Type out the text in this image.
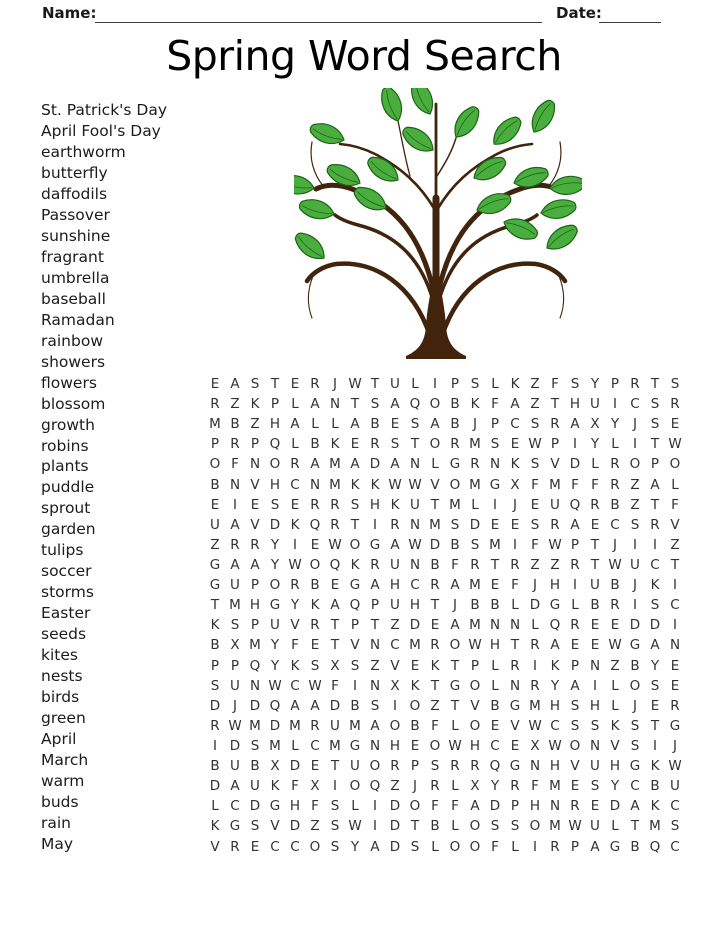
Name:	Date:
Spring Word Search
St. Patrick's Day
April Fool's Day
earthworm
butterfly
daffodils
Passover
sunshine
fragrant
umbrella
baseball
Ramadan
rainbow
showers
flowers
blossom
growth
robins
plants
puddle
sprout
garden
tulips
soccer
storms
Easter
seeds
kites
nests
birds
green
April
March
warm
buds
rain
May
E A S T E R J W T U L	I	P S L K Z F S Y P R T S
R Z K P L A N T S A Q O B K F A Z T H U I C S R
M B Z H A L L A B E S A B J	P C S R A X Y	J	S E
P R P Q L B K E R S T O R M S E W P	I	Y L	I	T W
O F N O R A M A D A N L G R N K S V D L R O P O
B N V H C N M K K W W V O M G X F M F F R Z A L
E	I	E S E R R S H K U T M L	I	J	E U Q R B Z T F
U A V D K Q R T	I R N M S D E E S R A E C S R V
Z R R Y	I	E W O G A W D B S M I	F W P T	J	I	I Z
G A A Y W O Q K R U N B F R T R Z Z R T W U C T
G U P O R B E G A H C R A M E F	J H I U B J	K	I
T M H G Y K A Q P U H T	J B B L D G L B R I	S C
K S P U V R T P T Z D E A M N N L Q R E E D D I
B X M Y F E T V N C M R O W H T R A E E W G A N
P P Q Y K S X S Z V E K T P L R I	K P N Z B Y E
S U N W C W F	I N X K T G O L N R Y A I	L O S E
D J D Q A A D B S	I O Z T V B G M H S H L	J	E R
R W M D M R U M A O B F L O E V W C S S K S T G
I D S M L C M G N H E O W H C E X W O N V S	I	J
B U B X D E T U O R P S R R Q G N H V U H G K W
D A U K F X I O Q Z J R L X Y R F M E S Y C B U
L C D G H F S L	I D O F F A D P H N R E D A K C
K G S V D Z S W I D T B L O S S O M W U L T M S
V R E C C O S Y A D S L O O F L	I R P A G B Q C
